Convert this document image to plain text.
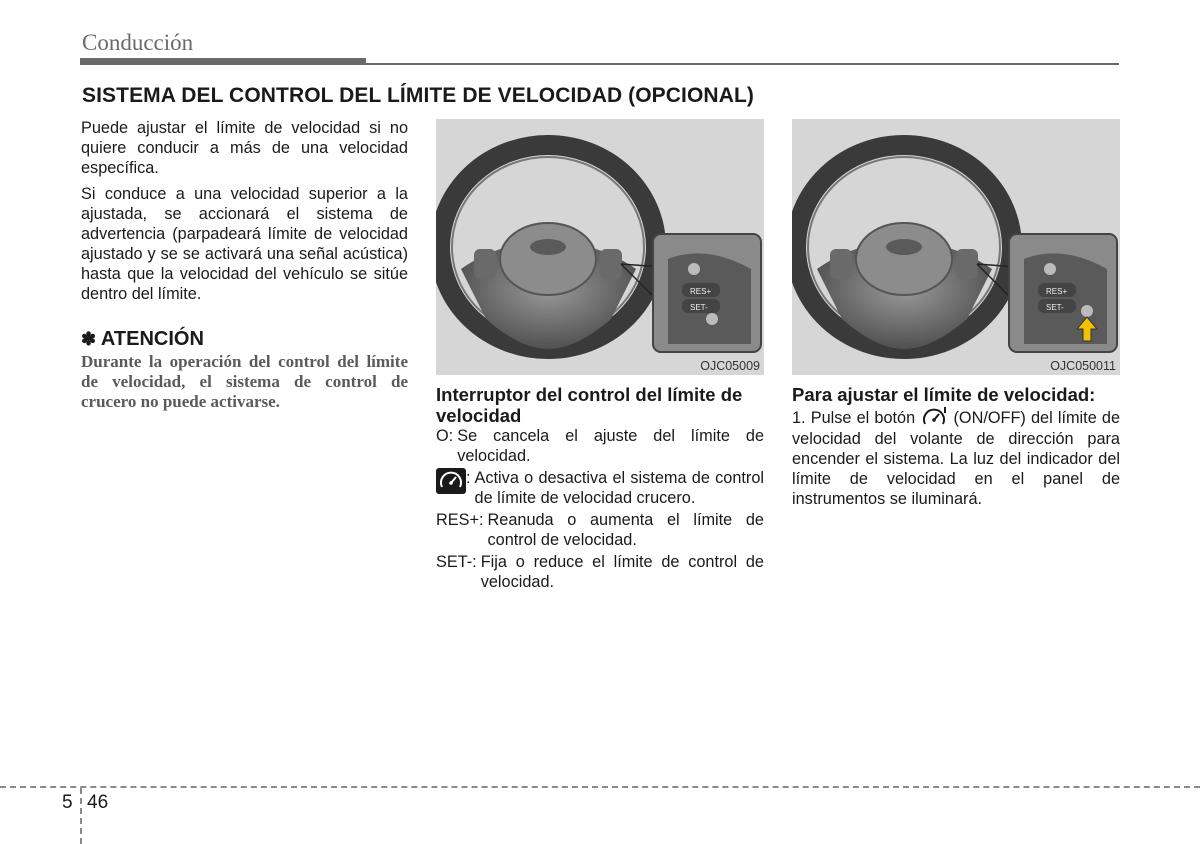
Conducción
SISTEMA DEL CONTROL DEL LÍMITE DE VELOCIDAD (OPCIONAL)

Puede ajustar el límite de velocidad si no quiere conducir a más de una velocidad específica.

Si conduce a una velocidad superior a la ajustada, se accionará el sistema de advertencia (parpadeará límite de velocidad ajustado y se se activará una señal acústica) hasta que la velocidad del vehículo se sitúe dentro del límite.

✽ ATENCIÓN

Durante la operación del control del límite de velocidad, el sistema de control de crucero no puede activarse.

RES+
SET-
OJC05009
RES+
SET-
OJC050011

Interruptor del control del límite de velocidad

O: Se cancela el ajuste del límite de velocidad.
: Activa o desactiva el sistema de control de límite de velocidad crucero.
RES+: Reanuda o aumenta el límite de control de velocidad.
SET-: Fija o reduce el límite de control de velocidad.

Para ajustar el límite de velocidad:

1. Pulse el botón (ON/OFF) del límite de velocidad del volante de dirección para encender el sistema. La luz del indicador del límite de velocidad en el panel de instrumentos se iluminará.

5 46
